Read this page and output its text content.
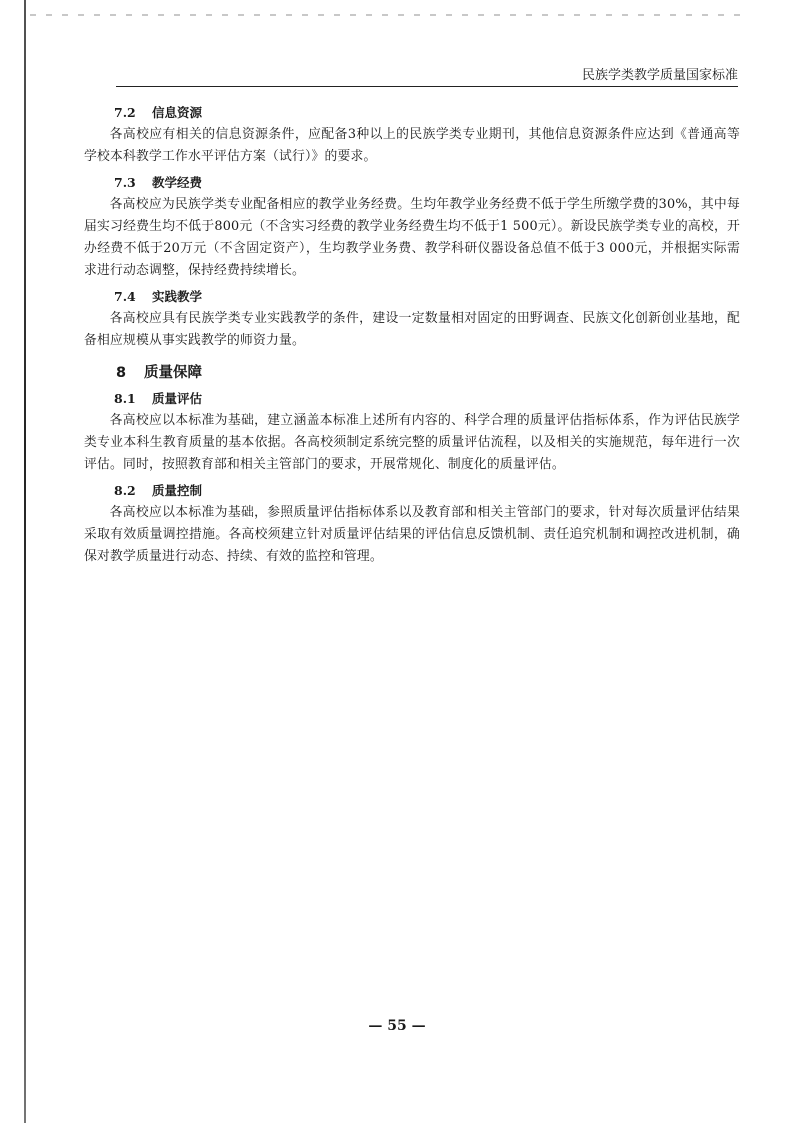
民族学类教学质量国家标准
7.2 信息资源

各高校应有相关的信息资源条件，应配备3种以上的民族学类专业期刊，其他信息资源条件应达到《普通高等学校本科教学工作水平评估方案（试行）》的要求。

7.3 教学经费

各高校应为民族学类专业配备相应的教学业务经费。生均年教学业务经费不低于学生所缴学费的30%，其中每届实习经费生均不低于800元（不含实习经费的教学业务经费生均不低于1 500元）。新设民族学类专业的高校，开办经费不低于20万元（不含固定资产），生均教学业务费、教学科研仪器设备总值不低于3 000元，并根据实际需求进行动态调整，保持经费持续增长。

7.4 实践教学

各高校应具有民族学类专业实践教学的条件，建设一定数量相对固定的田野调查、民族文化创新创业基地，配备相应规模从事实践教学的师资力量。

8 质量保障
8.1 质量评估

各高校应以本标准为基础，建立涵盖本标准上述所有内容的、科学合理的质量评估指标体系，作为评估民族学类专业本科生教育质量的基本依据。各高校须制定系统完整的质量评估流程，以及相关的实施规范，每年进行一次评估。同时，按照教育部和相关主管部门的要求，开展常规化、制度化的质量评估。

8.2 质量控制

各高校应以本标准为基础，参照质量评估指标体系以及教育部和相关主管部门的要求，针对每次质量评估结果采取有效质量调控措施。各高校须建立针对质量评估结果的评估信息反馈机制、责任追究机制和调控改进机制，确保对教学质量进行动态、持续、有效的监控和管理。

— 55 —
